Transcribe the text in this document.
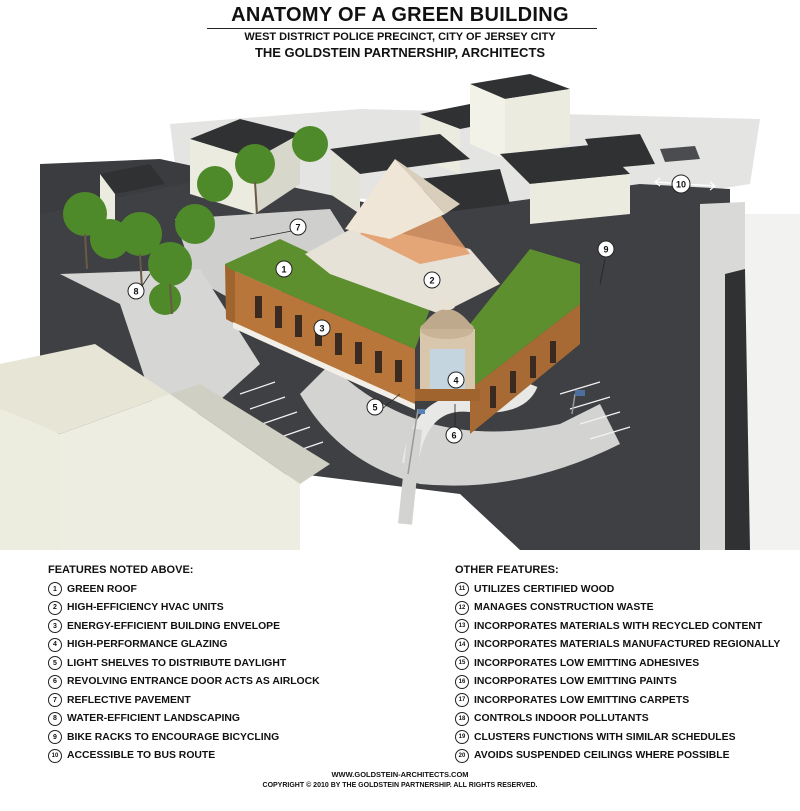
ANATOMY OF A GREEN BUILDING
WEST DISTRICT POLICE PRECINCT, CITY OF JERSEY CITY
THE GOLDSTEIN PARTNERSHIP, ARCHITECTS
1
2
3
4
5
6
7
8
9
10
FEATURES NOTED ABOVE:
1 GREEN ROOF
2 HIGH-EFFICIENCY HVAC UNITS
3 ENERGY-EFFICIENT BUILDING ENVELOPE
4 HIGH-PERFORMANCE GLAZING
5 LIGHT SHELVES TO DISTRIBUTE DAYLIGHT
6 REVOLVING ENTRANCE DOOR ACTS AS AIRLOCK
7 REFLECTIVE PAVEMENT
8 WATER-EFFICIENT LANDSCAPING
9 BIKE RACKS TO ENCOURAGE BICYCLING
10 ACCESSIBLE TO BUS ROUTE
OTHER FEATURES:
11 UTILIZES CERTIFIED WOOD
12 MANAGES CONSTRUCTION WASTE
13 INCORPORATES MATERIALS WITH RECYCLED CONTENT
14 INCORPORATES MATERIALS MANUFACTURED REGIONALLY
15 INCORPORATES LOW EMITTING ADHESIVES
16 INCORPORATES LOW EMITTING PAINTS
17 INCORPORATES LOW EMITTING CARPETS
18 CONTROLS INDOOR POLLUTANTS
19 CLUSTERS FUNCTIONS WITH SIMILAR SCHEDULES
20 AVOIDS SUSPENDED CEILINGS WHERE POSSIBLE
WWW.GOLDSTEIN-ARCHITECTS.COM
COPYRIGHT © 2010 BY THE GOLDSTEIN PARTNERSHIP. ALL RIGHTS RESERVED.
